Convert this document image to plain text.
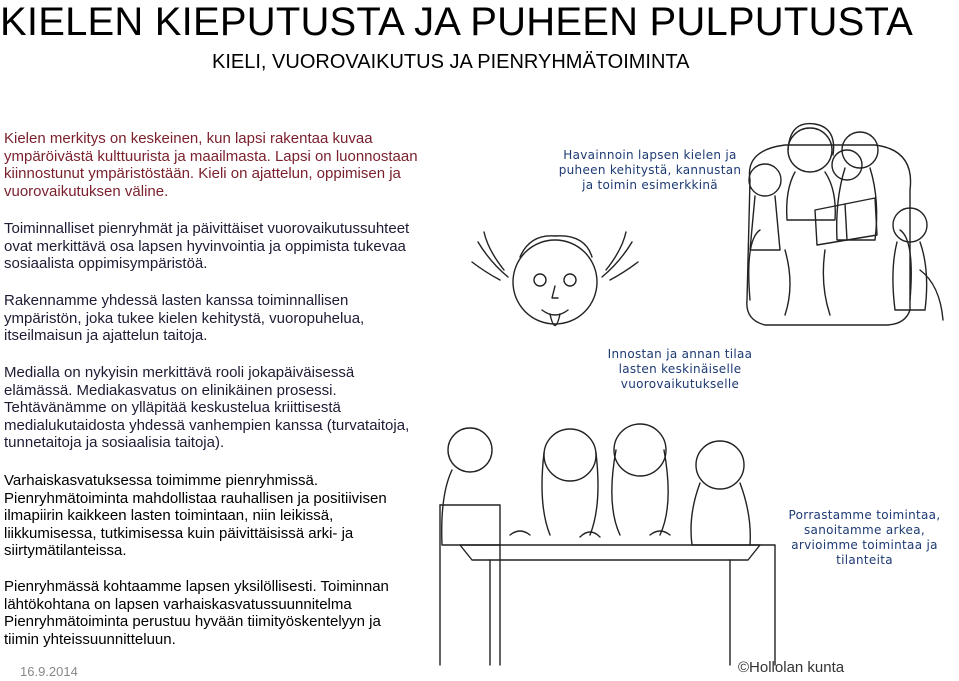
KIELEN KIEPUTUSTA JA PUHEEN PULPUTUSTA
KIELI, VUOROVAIKUTUS JA PIENRYHMÄTOIMINTA
Kielen merkitys on keskeinen, kun lapsi rakentaa kuvaa
ympäröivästä kulttuurista ja maailmasta. Lapsi on luonnostaan
kiinnostunut ympäristöstään. Kieli on ajattelun, oppimisen ja
vuorovaikutuksen väline.
Toiminnalliset pienryhmät ja päivittäiset vuorovaikutussuhteet
ovat merkittävä osa lapsen hyvinvointia ja oppimista tukevaa
sosiaalista oppimisympäristöä.
Rakennamme yhdessä lasten kanssa toiminnallisen
ympäristön, joka tukee kielen kehitystä, vuoropuhelua,
itseilmaisun ja ajattelun taitoja.
Medialla on nykyisin merkittävä rooli jokapäiväisessä
elämässä. Mediakasvatus on elinikäinen prosessi.
Tehtävänämme on ylläpitää keskustelua kriittisestä
medialukutaidosta yhdessä vanhempien kanssa (turvataitoja,
tunnetaitoja ja sosiaalisia taitoja).
Varhaiskasvatuksessa toimimme pienryhmissä.
Pienryhmätoiminta mahdollistaa rauhallisen ja positiivisen
ilmapiirin kaikkeen lasten toimintaan, niin leikissä,
liikkumisessa, tutkimisessa kuin päivittäisissä arki- ja
siirtymätilanteissa.
Pienryhmässä kohtaamme lapsen yksilöllisesti. Toiminnan
lähtökohtana on lapsen varhaiskasvatussuunnitelma
Pienryhmätoiminta perustuu hyvään tiimityöskentelyyn ja
tiimin yhteissuunnitteluun.
Havainnoin lapsen kielen ja
puheen kehitystä, kannustan
ja toimin esimerkkinä
Innostan ja annan tilaa
lasten keskinäiselle
vuorovaikutukselle
Porrastamme toimintaa,
sanoitamme arkea,
arvioimme toimintaa ja
tilanteita
16.9.2014	©Hollolan kunta
